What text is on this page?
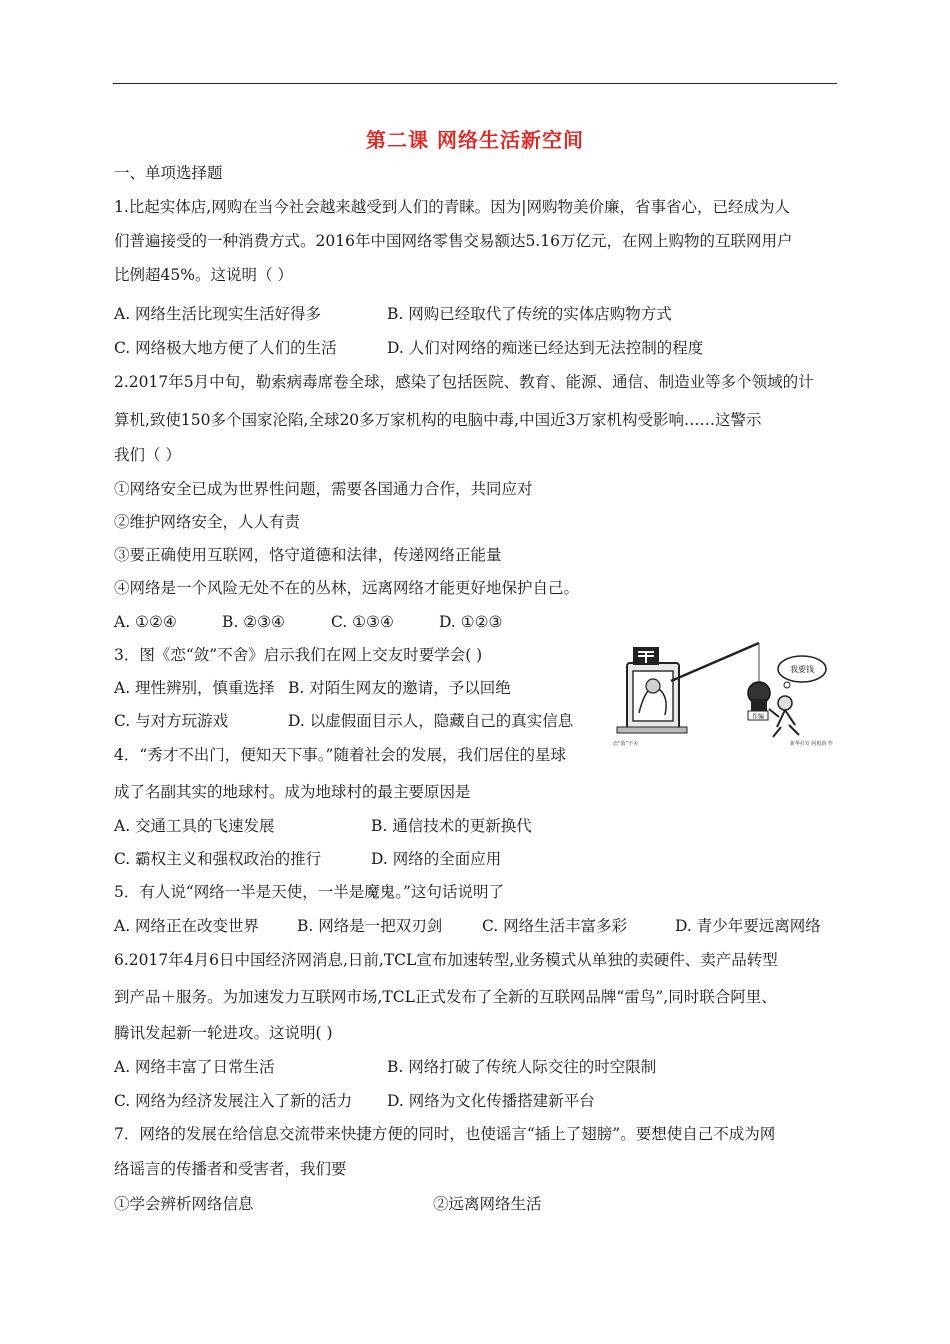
第二课 网络生活新空间
一、单项选择题
1.比起实体店,网购在当今社会越来越受到人们的青睐。因为|网购物美价廉，省事省心，已经成为人
们普遍接受的一种消费方式。2016年中国网络零售交易额达5.16万亿元，在网上购物的互联网用户
比例超45%。这说明（ ）
A. 网络生活比现实生活好得多	B. 网购已经取代了传统的实体店购物方式
C. 网络极大地方便了人们的生活	D. 人们对网络的痴迷已经达到无法控制的程度
2.2017年5月中旬，勒索病毒席卷全球，感染了包括医院、教育、能源、通信、制造业等多个领域的计
算机,致使150多个国家沦陷,全球20多万家机构的电脑中毒,中国近3万家机构受影响……这警示
我们（ ）
①网络安全已成为世界性问题，需要各国通力合作，共同应对
②维护网络安全，人人有责
③要正确使用互联网，恪守道德和法律，传递网络正能量
④网络是一个风险无处不在的丛林，远离网络才能更好地保护自己。
A. ①②④	B. ②③④	C. ①③④	D. ①②③
3．图《恋“敛”不舍》启示我们在网上交友时要学会( )
A. 理性辨别，慎重选择 B. 对陌生网友的邀请，予以回绝
C. 与对方玩游戏	D. 以虚假面目示人，隐藏自己的真实信息	诈骗
我要钱
恋“敛”不舍	新华社发 阿根新 作
4．“秀才不出门，便知天下事。”随着社会的发展，我们居住的星球
成了名副其实的地球村。成为地球村的最主要原因是
A. 交通工具的飞速发展	B. 通信技术的更新换代
C. 霸权主义和强权政治的推行	D. 网络的全面应用
5．有人说“网络一半是天使，一半是魔鬼。”这句话说明了
A. 网络正在改变世界 B. 网络是一把双刃剑	C. 网络生活丰富多彩	D. 青少年要远离网络
6.2017年4月6日中国经济网消息,日前,TCL宣布加速转型,业务模式从单独的卖硬件、卖产品转型
到产品＋服务。为加速发力互联网市场,TCL正式发布了全新的互联网品牌“雷鸟”,同时联合阿里、
腾讯发起新一轮进攻。这说明( )
A. 网络丰富了日常生活	B. 网络打破了传统人际交往的时空限制
C. 网络为经济发展注入了新的活力 D. 网络为文化传播搭建新平台
7．网络的发展在给信息交流带来快捷方便的同时，也使谣言“插上了翅膀”。要想使自己不成为网
络谣言的传播者和受害者，我们要
①学会辨析网络信息	②远离网络生活
